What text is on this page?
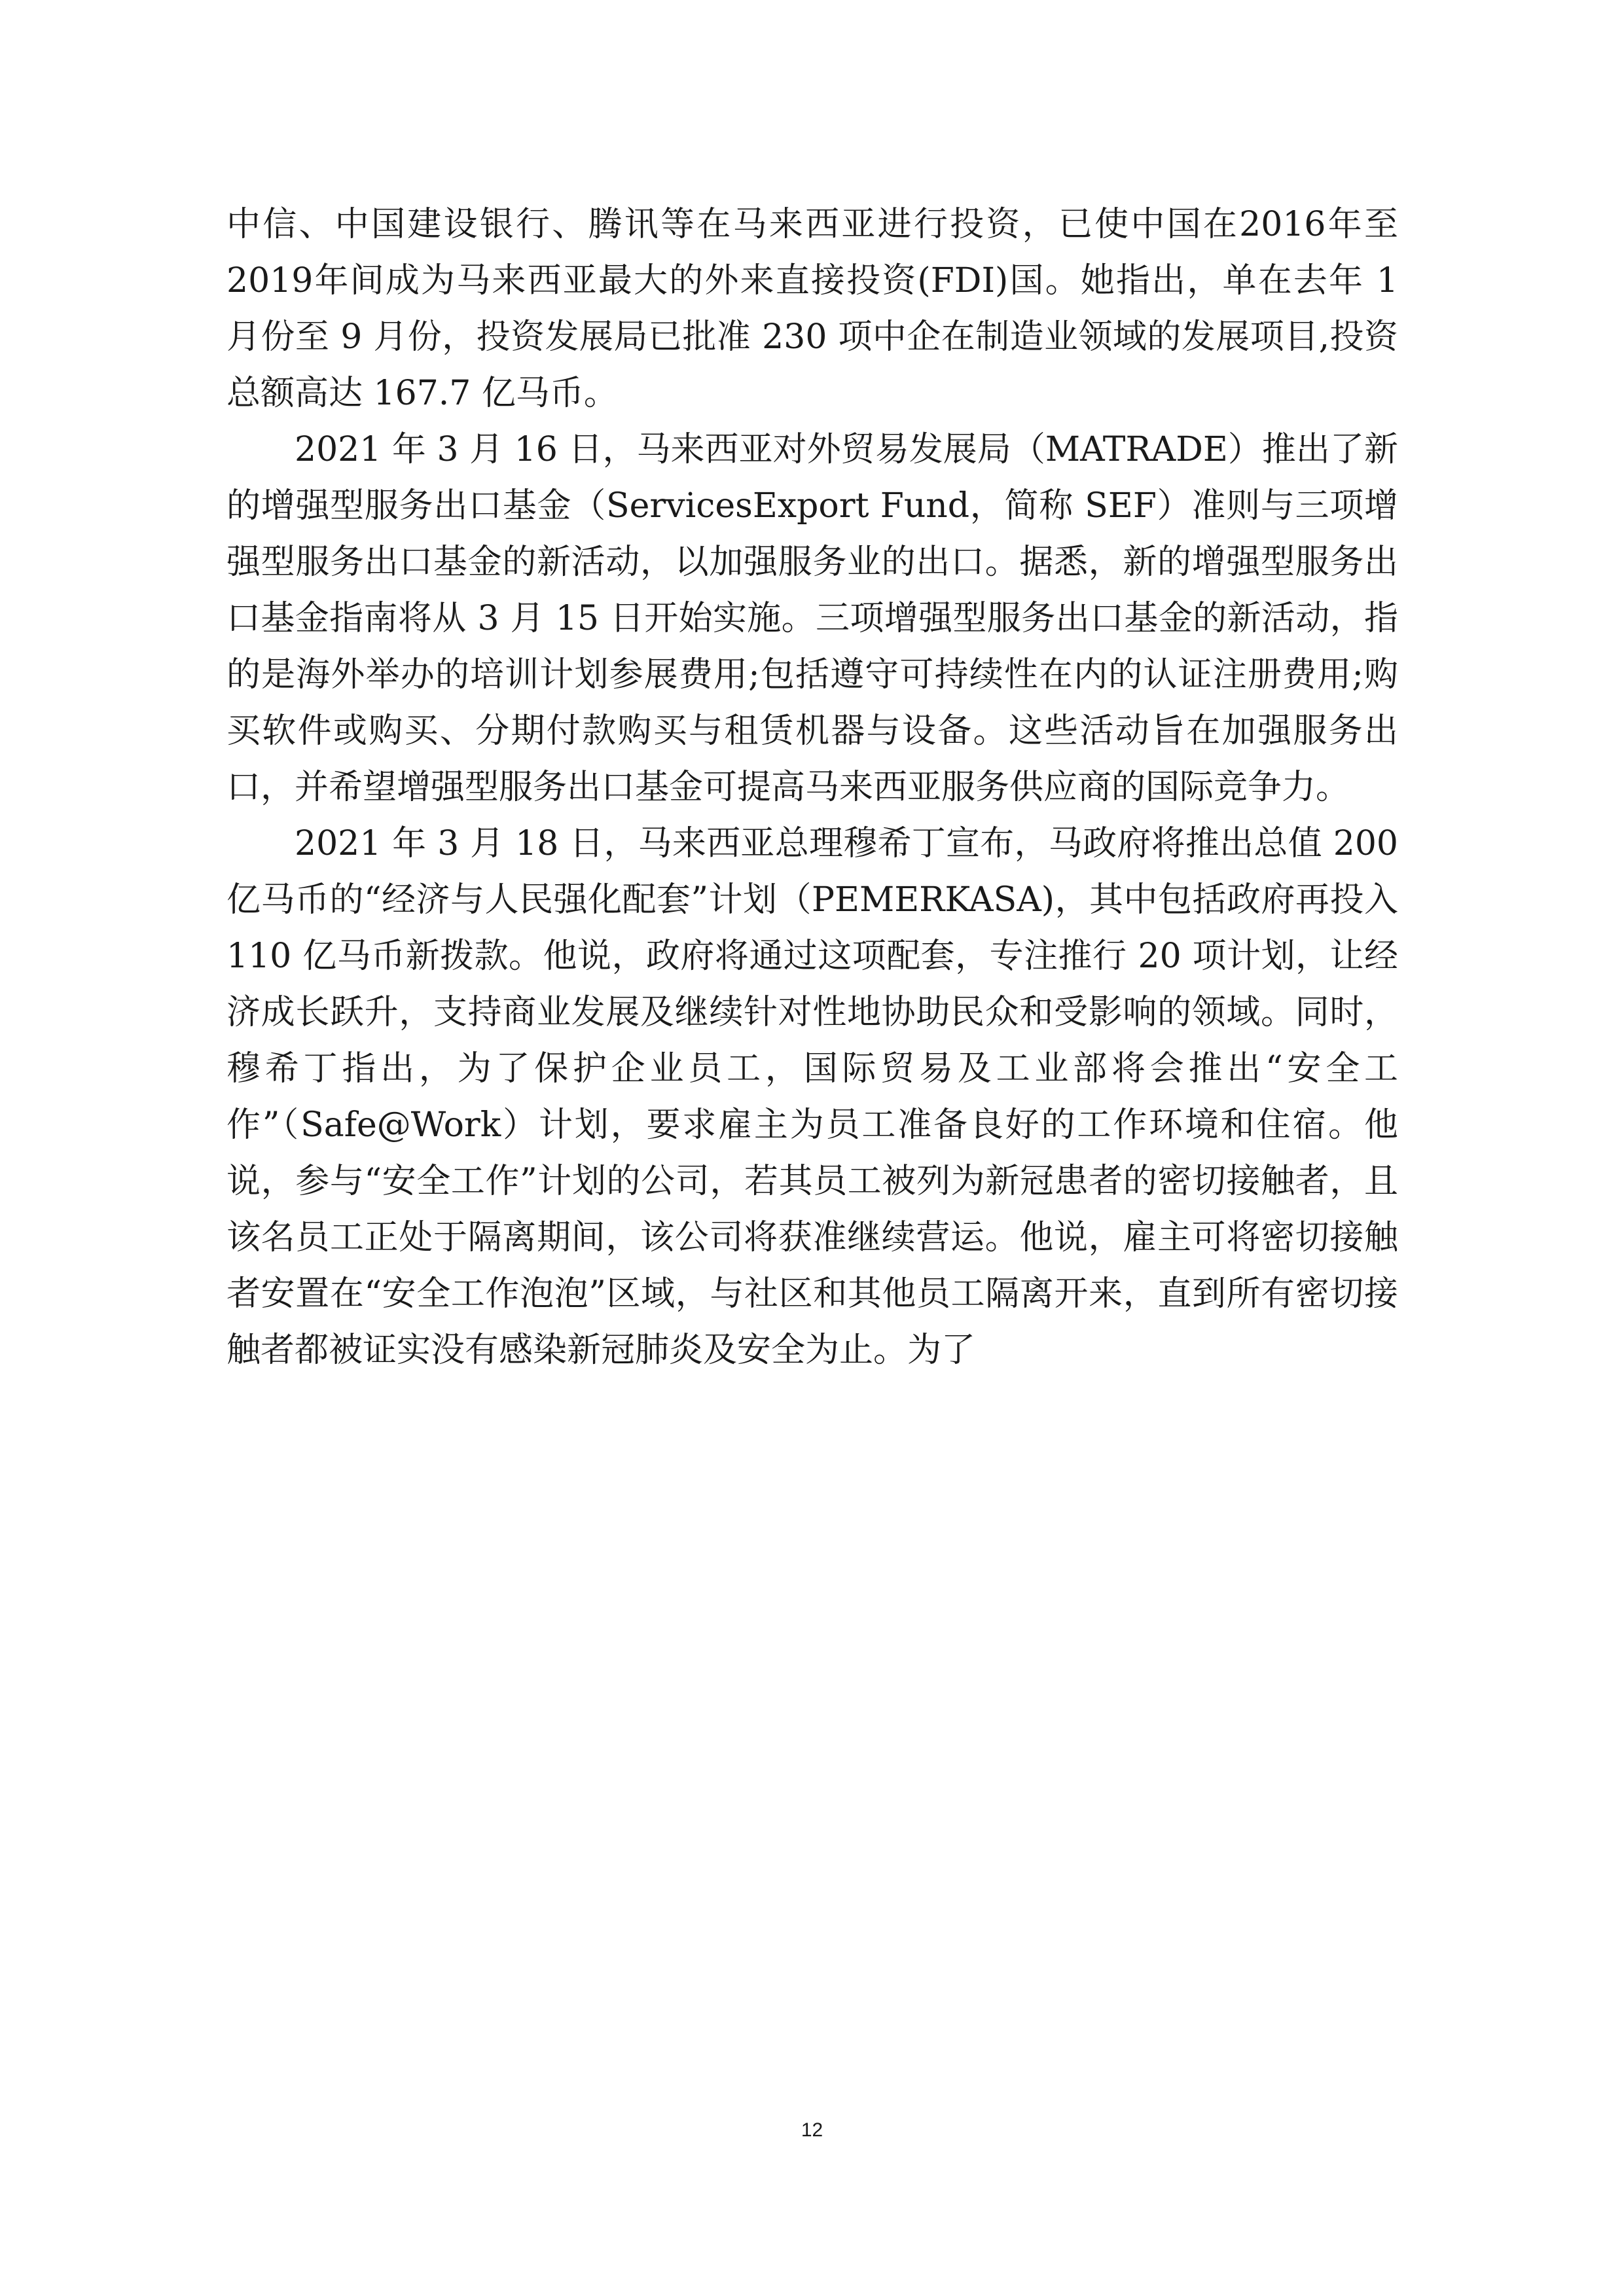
中信、中国建设银行、腾讯等在马来西亚进行投资，已使中国在2016年至2019年间成为马来西亚最大的外来直接投资(FDI)国。她指出，单在去年 1 月份至 9 月份，投资发展局已批准 230 项中企在制造业领域的发展项目,投资总额高达 167.7 亿马币。

2021 年 3 月 16 日，马来西亚对外贸易发展局（MATRADE）推出了新的增强型服务出口基金（ServicesExport Fund，简称 SEF）准则与三项增强型服务出口基金的新活动，以加强服务业的出口。据悉，新的增强型服务出口基金指南将从 3 月 15 日开始实施。三项增强型服务出口基金的新活动，指的是海外举办的培训计划参展费用;包括遵守可持续性在内的认证注册费用;购买软件或购买、分期付款购买与租赁机器与设备。这些活动旨在加强服务出口，并希望增强型服务出口基金可提高马来西亚服务供应商的国际竞争力。

2021 年 3 月 18 日，马来西亚总理穆希丁宣布，马政府将推出总值 200 亿马币的“经济与人民强化配套”计划（PEMERKASA)，其中包括政府再投入 110 亿马币新拨款。他说，政府将通过这项配套，专注推行 20 项计划，让经济成长跃升，支持商业发展及继续针对性地协助民众和受影响的领域。同时，穆希丁指出，为了保护企业员工，国际贸易及工业部将会推出“安全工作”（Safe@Work）计划，要求雇主为员工准备良好的工作环境和住宿。他说，参与“安全工作”计划的公司，若其员工被列为新冠患者的密切接触者，且该名员工正处于隔离期间，该公司将获准继续营运。他说，雇主可将密切接触者安置在“安全工作泡泡”区域，与社区和其他员工隔离开来，直到所有密切接触者都被证实没有感染新冠肺炎及安全为止。为了

12
